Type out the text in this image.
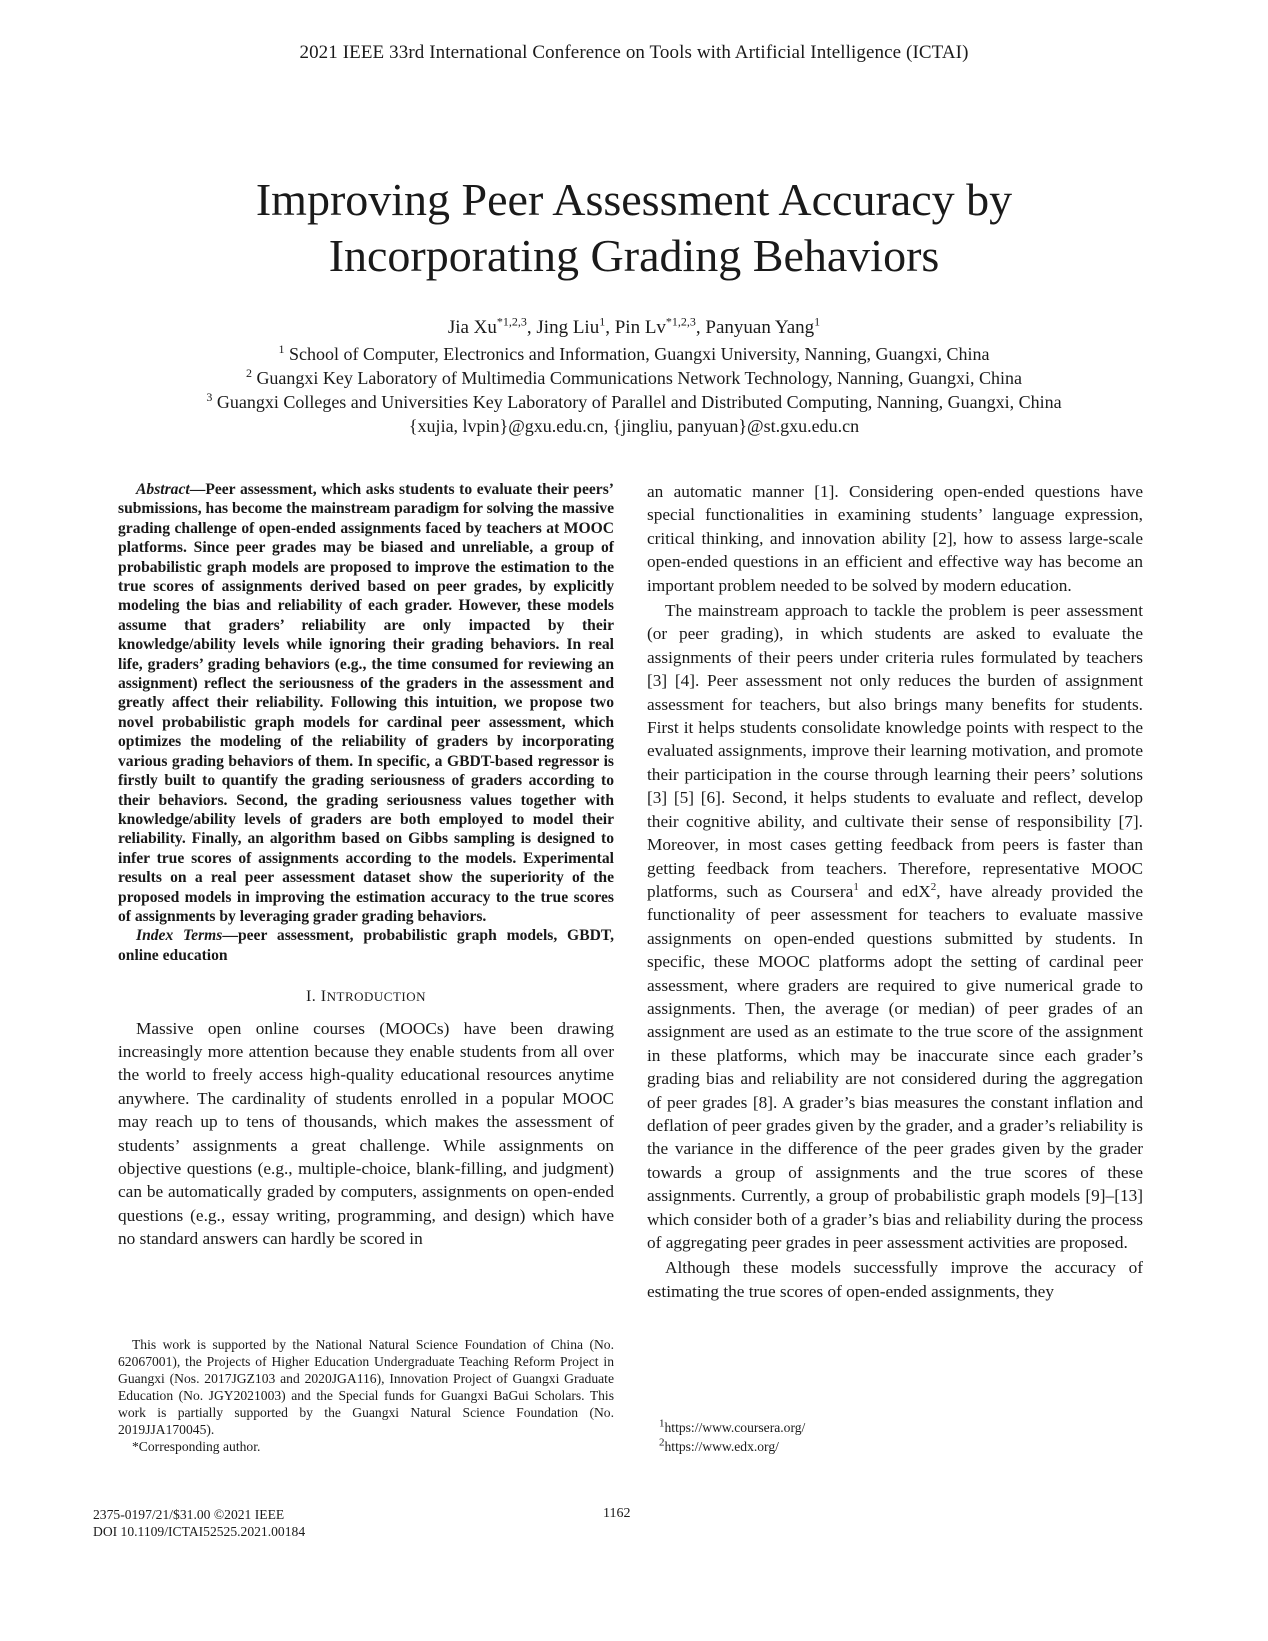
2021 IEEE 33rd International Conference on Tools with Artificial Intelligence (ICTAI)
Improving Peer Assessment Accuracy by
Incorporating Grading Behaviors
Jia Xu$^{*1,2,3}$, Jing Liu$^1$, Pin Lv$^{*1,2,3}$, Panyuan Yang$^1$
$^1$ School of Computer, Electronics and Information, Guangxi University, Nanning, Guangxi, China
$^2$ Guangxi Key Laboratory of Multimedia Communications Network Technology, Nanning, Guangxi, China
$^3$ Guangxi Colleges and Universities Key Laboratory of Parallel and Distributed Computing, Nanning, Guangxi, China
{xujia, lvpin}@gxu.edu.cn, {jingliu, panyuan}@st.gxu.edu.cn

Abstract—Peer assessment, which asks students to evaluate their peers’ submissions, has become the mainstream paradigm for solving the massive grading challenge of open-ended assignments faced by teachers at MOOC platforms. Since peer grades may be biased and unreliable, a group of probabilistic graph models are proposed to improve the estimation to the true scores of assignments derived based on peer grades, by explicitly modeling the bias and reliability of each grader. However, these models assume that graders’ reliability are only impacted by their knowledge/ability levels while ignoring their grading behaviors. In real life, graders’ grading behaviors (e.g., the time consumed for reviewing an assignment) reflect the seriousness of the graders in the assessment and greatly affect their reliability. Following this intuition, we propose two novel probabilistic graph models for cardinal peer assessment, which optimizes the modeling of the reliability of graders by incorporating various grading behaviors of them. In specific, a GBDT-based regressor is firstly built to quantify the grading seriousness of graders according to their behaviors. Second, the grading seriousness values together with knowledge/ability levels of graders are both employed to model their reliability. Finally, an algorithm based on Gibbs sampling is designed to infer true scores of assignments according to the models. Experimental results on a real peer assessment dataset show the superiority of the proposed models in improving the estimation accuracy to the true scores of assignments by leveraging grader grading behaviors.

Index Terms—peer assessment, probabilistic graph models, GBDT, online education

I. INTRODUCTION

Massive open online courses (MOOCs) have been drawing increasingly more attention because they enable students from all over the world to freely access high-quality educational resources anytime anywhere. The cardinality of students enrolled in a popular MOOC may reach up to tens of thousands, which makes the assessment of students’ assignments a great challenge. While assignments on objective questions (e.g., multiple-choice, blank-filling, and judgment) can be automatically graded by computers, assignments on open-ended questions (e.g., essay writing, programming, and design) which have no standard answers can hardly be scored in

an automatic manner [1]. Considering open-ended questions have special functionalities in examining students’ language expression, critical thinking, and innovation ability [2], how to assess large-scale open-ended questions in an efficient and effective way has become an important problem needed to be solved by modern education.

The mainstream approach to tackle the problem is peer assessment (or peer grading), in which students are asked to evaluate the assignments of their peers under criteria rules formulated by teachers [3] [4]. Peer assessment not only reduces the burden of assignment assessment for teachers, but also brings many benefits for students. First it helps students consolidate knowledge points with respect to the evaluated assignments, improve their learning motivation, and promote their participation in the course through learning their peers’ solutions [3] [5] [6]. Second, it helps students to evaluate and reflect, develop their cognitive ability, and cultivate their sense of responsibility [7]. Moreover, in most cases getting feedback from peers is faster than getting feedback from teachers. Therefore, representative MOOC platforms, such as Coursera$^1$ and edX$^2$, have already provided the functionality of peer assessment for teachers to evaluate massive assignments on open-ended questions submitted by students. In specific, these MOOC platforms adopt the setting of cardinal peer assessment, where graders are required to give numerical grade to assignments. Then, the average (or median) of peer grades of an assignment are used as an estimate to the true score of the assignment in these platforms, which may be inaccurate since each grader’s grading bias and reliability are not considered during the aggregation of peer grades [8]. A grader’s bias measures the constant inflation and deflation of peer grades given by the grader, and a grader’s reliability is the variance in the difference of the peer grades given by the grader towards a group of assignments and the true scores of these assignments. Currently, a group of probabilistic graph models [9]–[13] which consider both of a grader’s bias and reliability during the process of aggregating peer grades in peer assessment activities are proposed.

Although these models successfully improve the accuracy of estimating the true scores of open-ended assignments, they

This work is supported by the National Natural Science Foundation of China (No. 62067001), the Projects of Higher Education Undergraduate Teaching Reform Project in Guangxi (Nos. 2017JGZ103 and 2020JGA116), Innovation Project of Guangxi Graduate Education (No. JGY2021003) and the Special funds for Guangxi BaGui Scholars. This work is partially supported by the Guangxi Natural Science Foundation (No. 2019JJA170045).

*Corresponding author.

$^1$https://www.coursera.org/

$^2$https://www.edx.org/

2375-0197/21/$31.00 ©2021 IEEE
DOI 10.1109/ICTAI52525.2021.00184
1162
